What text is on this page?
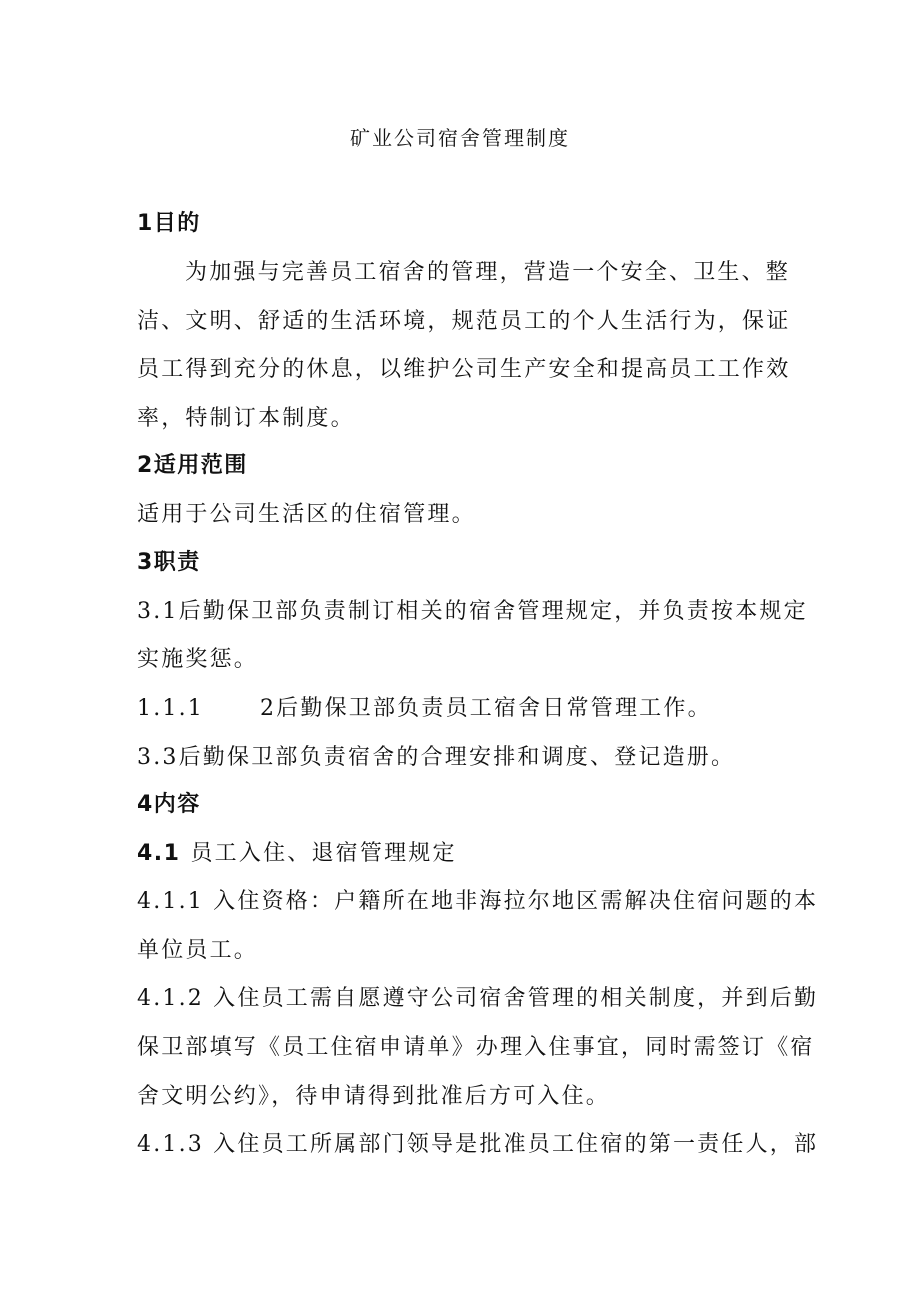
矿业公司宿舍管理制度
1目的
为加强与完善员工宿舍的管理，营造一个安全、卫生、整
洁、文明、舒适的生活环境，规范员工的个人生活行为，保证
员工得到充分的休息，以维护公司生产安全和提高员工工作效
率，特制订本制度。
2适用范围
适用于公司生活区的住宿管理。
3职责
3.1后勤保卫部负责制订相关的宿舍管理规定，并负责按本规定
实施奖惩。
1.1.1	2后勤保卫部负责员工宿舍日常管理工作。
3.3后勤保卫部负责宿舍的合理安排和调度、登记造册。
4内容
4.1 员工入住、退宿管理规定
4.1.1 入住资格：户籍所在地非海拉尔地区需解决住宿问题的本
单位员工。
4.1.2 入住员工需自愿遵守公司宿舍管理的相关制度，并到后勤
保卫部填写《员工住宿申请单》办理入住事宜，同时需签订《宿
舍文明公约》，待申请得到批准后方可入住。
4.1.3 入住员工所属部门领导是批准员工住宿的第一责任人，部
